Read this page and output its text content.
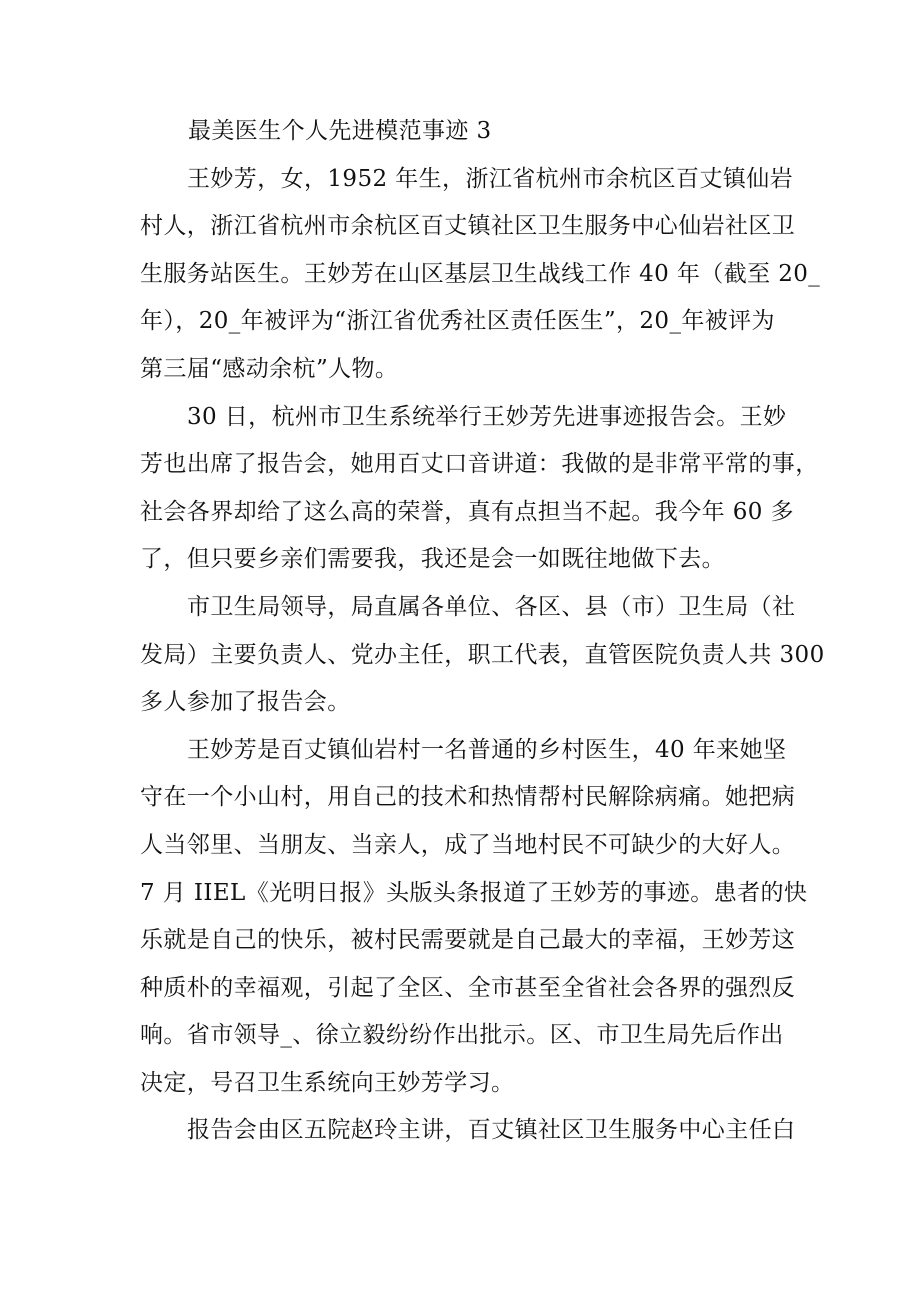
最美医生个人先进模范事迹 3
王妙芳，女，1952 年生，浙江省杭州市余杭区百丈镇仙岩
村人，浙江省杭州市余杭区百丈镇社区卫生服务中心仙岩社区卫
生服务站医生。王妙芳在山区基层卫生战线工作 40 年（截至 20_
年），20_年被评为“浙江省优秀社区责任医生”，20_年被评为
第三届“感动余杭”人物。
30 日，杭州市卫生系统举行王妙芳先进事迹报告会。王妙
芳也出席了报告会，她用百丈口音讲道：我做的是非常平常的事，
社会各界却给了这么高的荣誉，真有点担当不起。我今年 60 多
了，但只要乡亲们需要我，我还是会一如既往地做下去。
市卫生局领导，局直属各单位、各区、县（市）卫生局（社
发局）主要负责人、党办主任，职工代表，直管医院负责人共 300
多人参加了报告会。
王妙芳是百丈镇仙岩村一名普通的乡村医生，40 年来她坚
守在一个小山村，用自己的技术和热情帮村民解除病痛。她把病
人当邻里、当朋友、当亲人，成了当地村民不可缺少的大好人。
7 月 IIEL《光明日报》头版头条报道了王妙芳的事迹。患者的快
乐就是自己的快乐，被村民需要就是自己最大的幸福，王妙芳这
种质朴的幸福观，引起了全区、全市甚至全省社会各界的强烈反
响。省市领导_、徐立毅纷纷作出批示。区、市卫生局先后作出
决定，号召卫生系统向王妙芳学习。
报告会由区五院赵玲主讲，百丈镇社区卫生服务中心主任白
